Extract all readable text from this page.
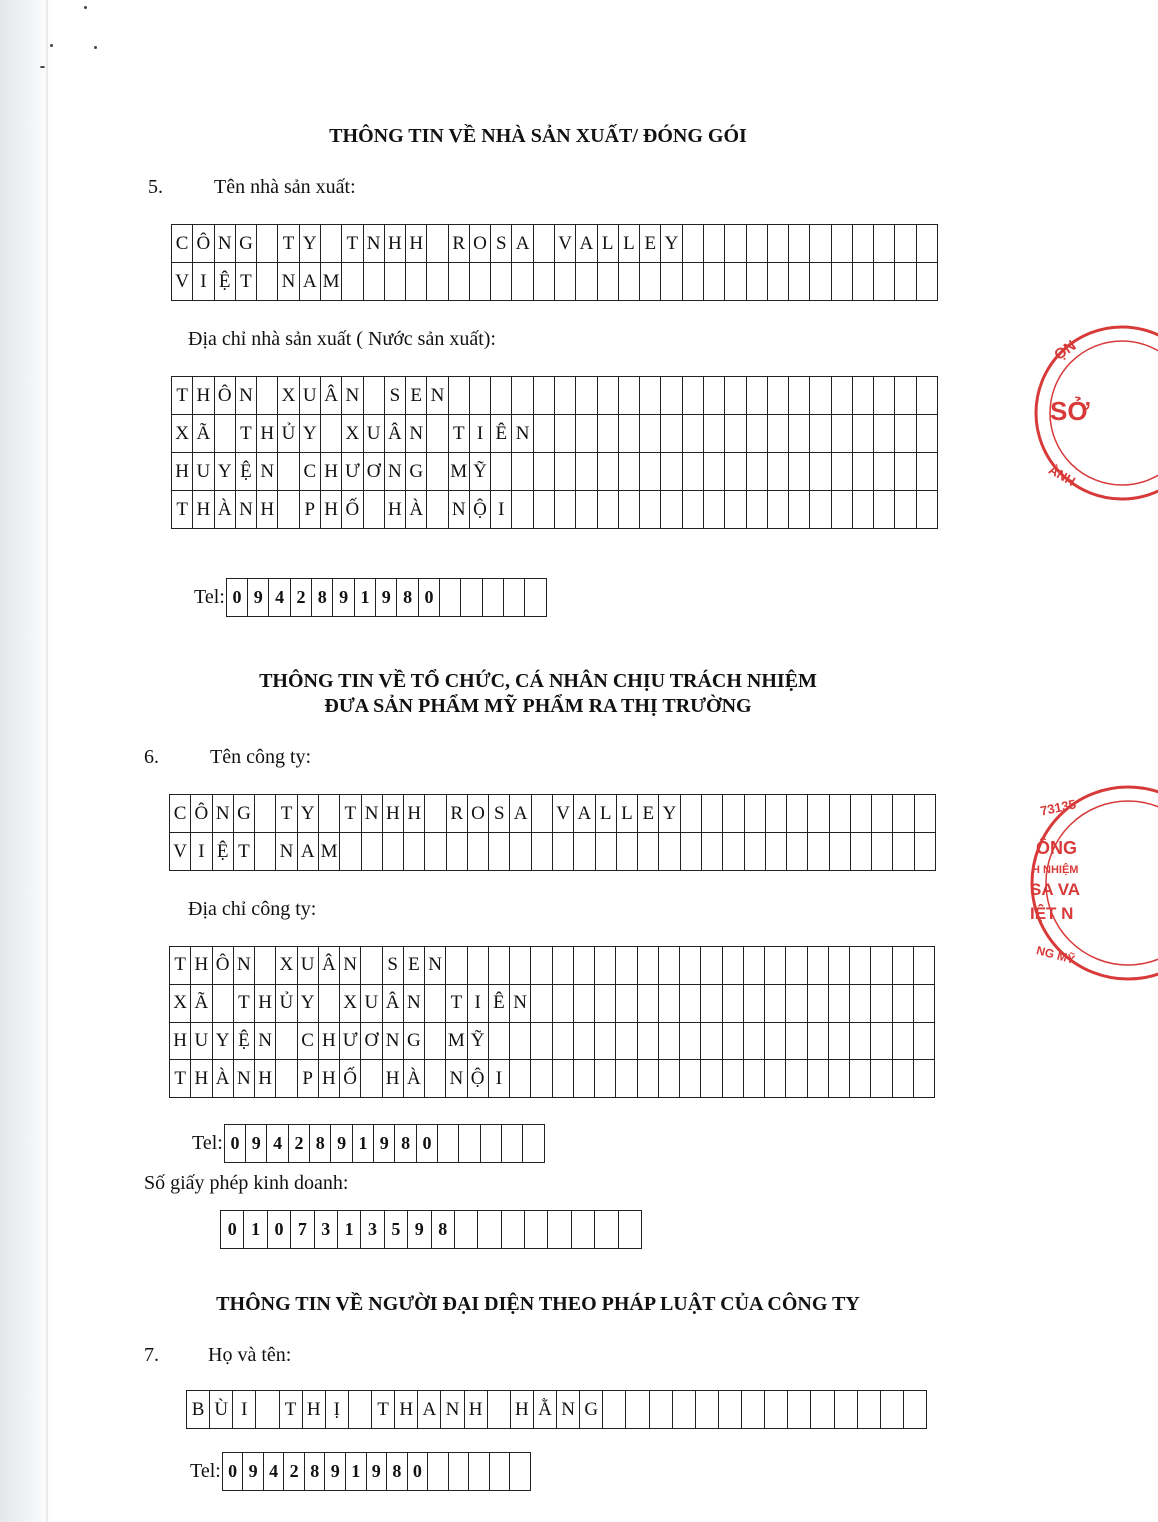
THÔNG TIN VỀ NHÀ SẢN XUẤT/ ĐÓNG GÓI
5.	Tên nhà sản xuất:
C Ô N G T Y T N H H R O S A V A L L E Y
V I Ệ T N A M
Địa chỉ nhà sản xuất ( Nước sản xuất):
T H Ô N X U Â N S E N
X Ã T H Ủ Y X U Â N T I Ê N
H U Y Ệ N C H Ư Ơ N G M Ỹ
T H À N H P H Ố H À N Ộ I
Tel: 0 9 4 2 8 9 1 9 8 0
THÔNG TIN VỀ TỔ CHỨC, CÁ NHÂN CHỊU TRÁCH NHIỆM
ĐƯA SẢN PHẨM MỸ PHẨM RA THỊ TRƯỜNG
6.	Tên công ty:
C Ô N G T Y T N H H R O S A V A L L E Y
V I Ệ T N A M
Địa chỉ công ty:
T H Ô N X U Â N S E N
X Ã T H Ủ Y X U Â N T I Ê N
H U Y Ệ N C H Ư Ơ N G M Ỹ
T H À N H P H Ố H À N Ộ I
Tel: 0 9 4 2 8 9 1 9 8 0
Số giấy phép kinh doanh:
0 1 0 7 3 1 3 5 9 8
THÔNG TIN VỀ NGƯỜI ĐẠI DIỆN THEO PHÁP LUẬT CỦA CÔNG TY
7. Họ và tên:
B Ù I	T H Ị	T H A N H H Ằ N G
Tel: 0 9 4 2 8 9 1 9 8 0
ỌN
SỞ
ÀNH
73135
ÔNG
H NHIỆM
SA VA
IỆT N
NG MỸ
